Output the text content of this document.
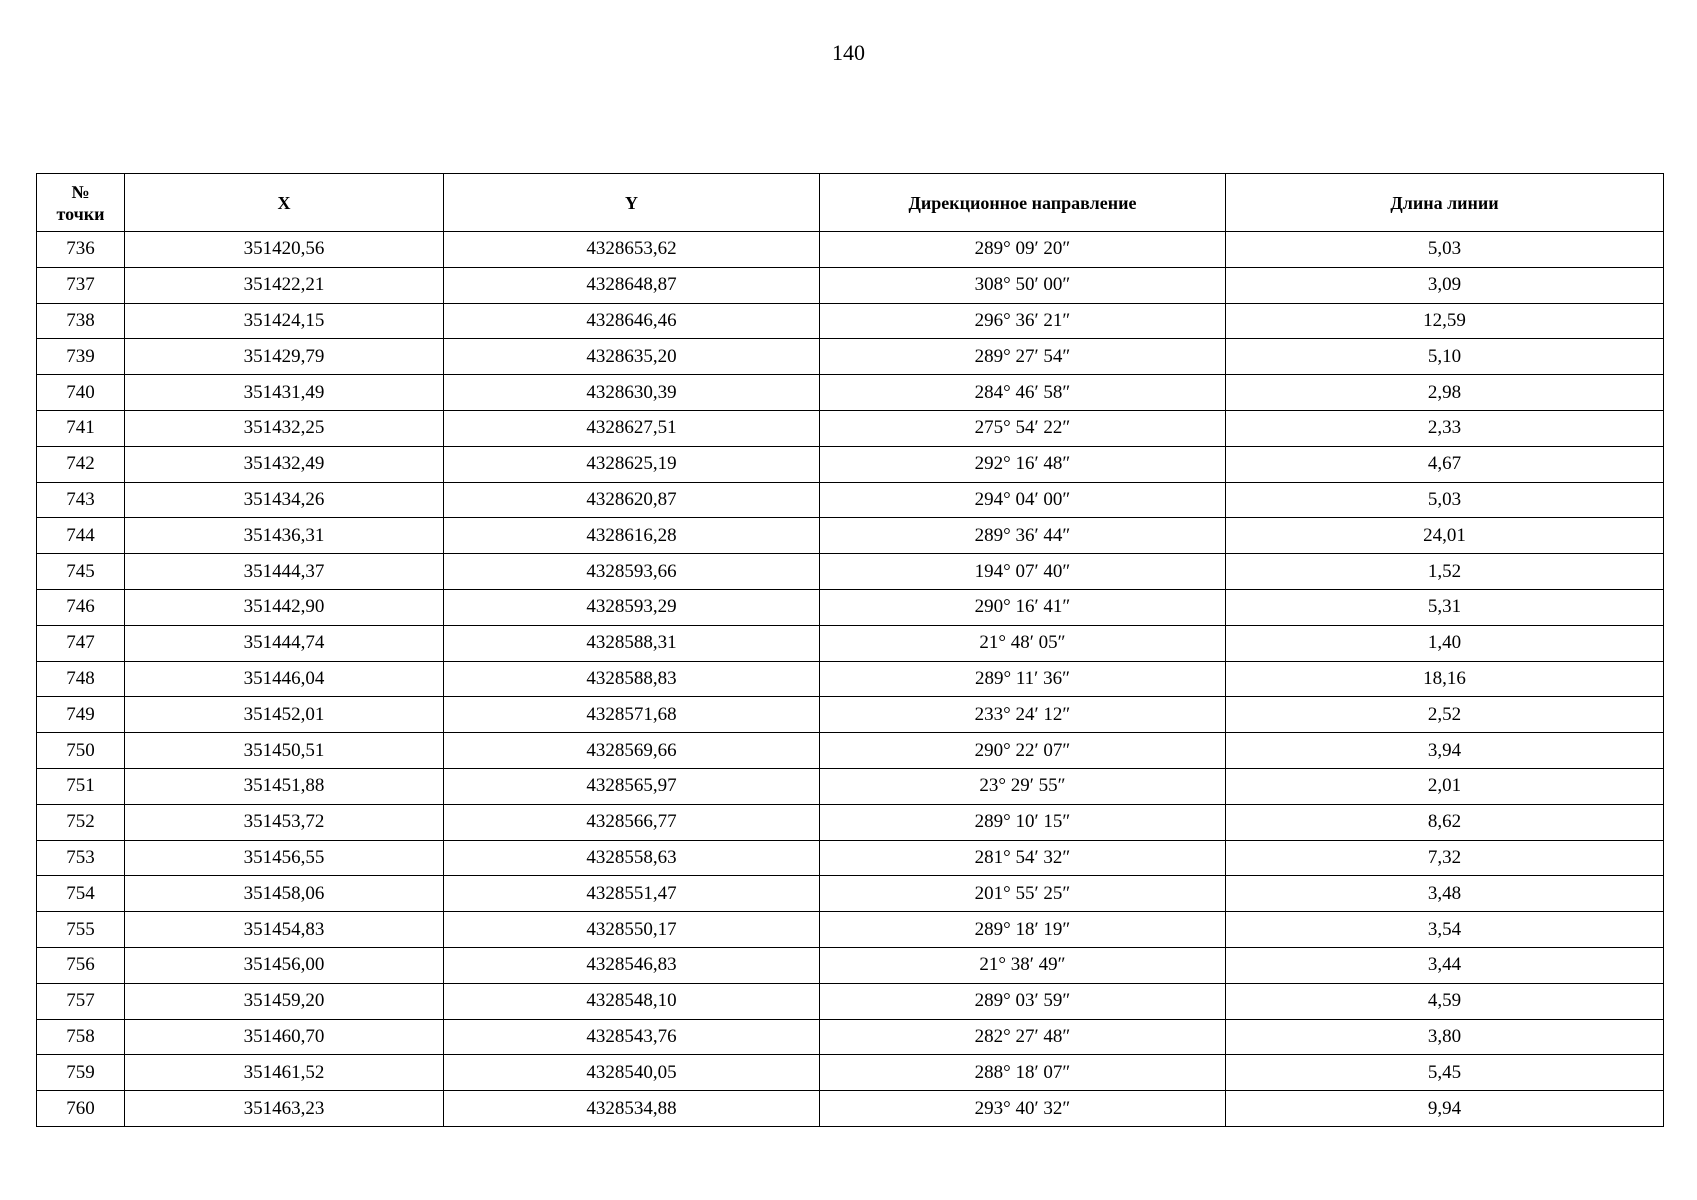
140
№ точки	X	Y	Дирекционное направление	Длина линии
736	351420,56	4328653,62	289° 09′ 20″	5,03
737	351422,21	4328648,87	308° 50′ 00″	3,09
738	351424,15	4328646,46	296° 36′ 21″	12,59
739	351429,79	4328635,20	289° 27′ 54″	5,10
740	351431,49	4328630,39	284° 46′ 58″	2,98
741	351432,25	4328627,51	275° 54′ 22″	2,33
742	351432,49	4328625,19	292° 16′ 48″	4,67
743	351434,26	4328620,87	294° 04′ 00″	5,03
744	351436,31	4328616,28	289° 36′ 44″	24,01
745	351444,37	4328593,66	194° 07′ 40″	1,52
746	351442,90	4328593,29	290° 16′ 41″	5,31
747	351444,74	4328588,31	21° 48′ 05″	1,40
748	351446,04	4328588,83	289° 11′ 36″	18,16
749	351452,01	4328571,68	233° 24′ 12″	2,52
750	351450,51	4328569,66	290° 22′ 07″	3,94
751	351451,88	4328565,97	23° 29′ 55″	2,01
752	351453,72	4328566,77	289° 10′ 15″	8,62
753	351456,55	4328558,63	281° 54′ 32″	7,32
754	351458,06	4328551,47	201° 55′ 25″	3,48
755	351454,83	4328550,17	289° 18′ 19″	3,54
756	351456,00	4328546,83	21° 38′ 49″	3,44
757	351459,20	4328548,10	289° 03′ 59″	4,59
758	351460,70	4328543,76	282° 27′ 48″	3,80
759	351461,52	4328540,05	288° 18′ 07″	5,45
760	351463,23	4328534,88	293° 40′ 32″	9,94
